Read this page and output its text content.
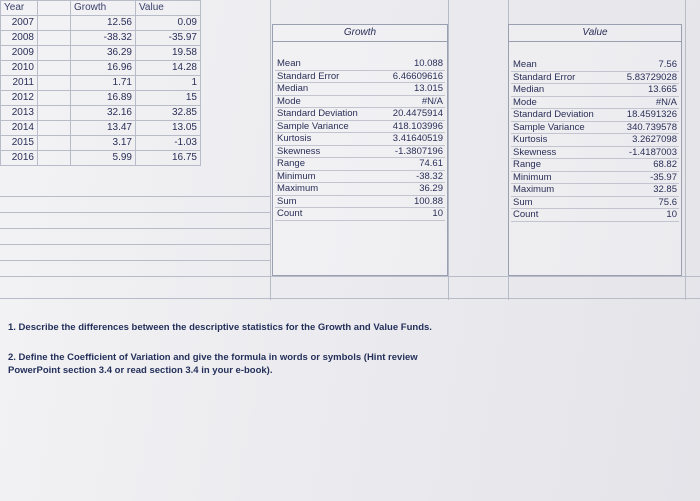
Year		Growth	Value
2007		12.56	0.09
2008		-38.32	-35.97
2009		36.29	19.58
2010		16.96	14.28
2011		1.71	1
2012		16.89	15
2013		32.16	32.85
2014		13.47	13.05
2015		3.17	-1.03
2016		5.99	16.75
Growth
Mean	10.088
Standard Error	6.46609616
Median	13.015
Mode	#N/A
Standard Deviation	20.4475914
Sample Variance	418.103996
Kurtosis	3.41640519
Skewness	-1.3807196
Range	74.61
Minimum	-38.32
Maximum	36.29
Sum	100.88
Count	10
Value
Mean	7.56
Standard Error	5.83729028
Median	13.665
Mode	#N/A
Standard Deviation	18.4591326
Sample Variance	340.739578
Kurtosis	3.2627098
Skewness	-1.4187003
Range	68.82
Minimum	-35.97
Maximum	32.85
Sum	75.6
Count	10
1. Describe the differences between the descriptive statistics for the Growth and Value Funds.
2. Define the Coefficient of Variation and give the formula in words or symbols (Hint review
PowerPoint section 3.4 or read section 3.4 in your e-book).
